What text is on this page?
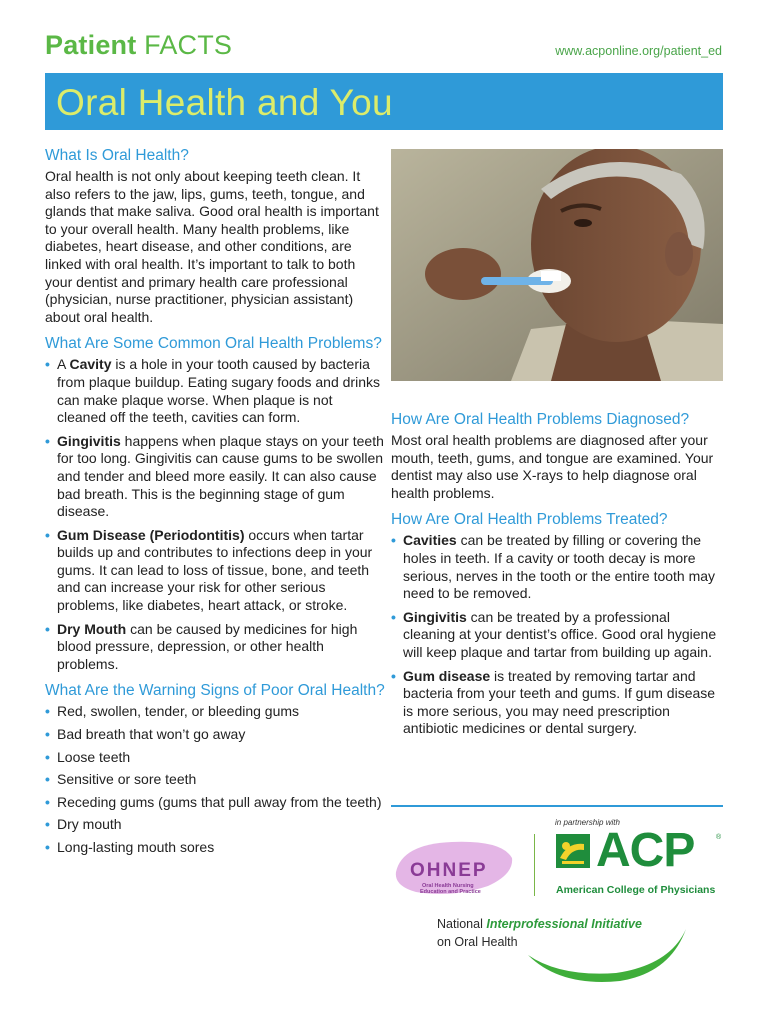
Patient FACTS	www.acponline.org/patient_ed
Oral Health and You
What Is Oral Health?

Oral health is not only about keeping teeth clean. It also refers to the jaw, lips, gums, teeth, tongue, and glands that make saliva. Good oral health is important to your overall health. Many health problems, like diabetes, heart disease, and other conditions, are linked with oral health. It’s important to talk to both your dentist and primary health care professional (physician, nurse practitioner, physician assistant) about oral health.

What Are Some Common Oral Health Problems?
• A Cavity is a hole in your tooth caused by bacteria from plaque buildup. Eating sugary foods and drinks can make plaque worse. When plaque is not cleaned off the teeth, cavities can form.
• Gingivitis happens when plaque stays on your teeth for too long. Gingivitis can cause gums to be swollen and tender and bleed more easily. It can also cause bad breath. This is the beginning stage of gum disease.
• Gum Disease (Periodontitis) occurs when tartar builds up and contributes to infections deep in your gums. It can lead to loss of tissue, bone, and teeth and can increase your risk for other serious problems, like diabetes, heart attack, or stroke.
• Dry Mouth can be caused by medicines for high blood pressure, depression, or other health problems.
What Are the Warning Signs of Poor Oral Health?
• Red, swollen, tender, or bleeding gums
• Bad breath that won’t go away
• Loose teeth
• Sensitive or sore teeth
• Receding gums (gums that pull away from the teeth)
• Dry mouth
• Long-lasting mouth sores
How Are Oral Health Problems Diagnosed?

Most oral health problems are diagnosed after your mouth, teeth, gums, and tongue are examined. Your dentist may also use X-rays to help diagnose oral health problems.

How Are Oral Health Problems Treated?
• Cavities can be treated by filling or covering the holes in teeth. If a cavity or tooth decay is more serious, nerves in the tooth or the entire tooth may need to be removed.
• Gingivitis can be treated by a professional cleaning at your dentist’s office. Good oral hygiene will keep plaque and tartar from building up again.
• Gum disease is treated by removing tartar and bacteria from your teeth and gums. If gum disease is more serious, you may need prescription antibiotic medicines or dental surgery.
in partnership with
OHNEP
Oral Health Nursing
Education and Practice
ACP	®
American College of Physicians
National Interprofessional Initiative
on Oral Health
